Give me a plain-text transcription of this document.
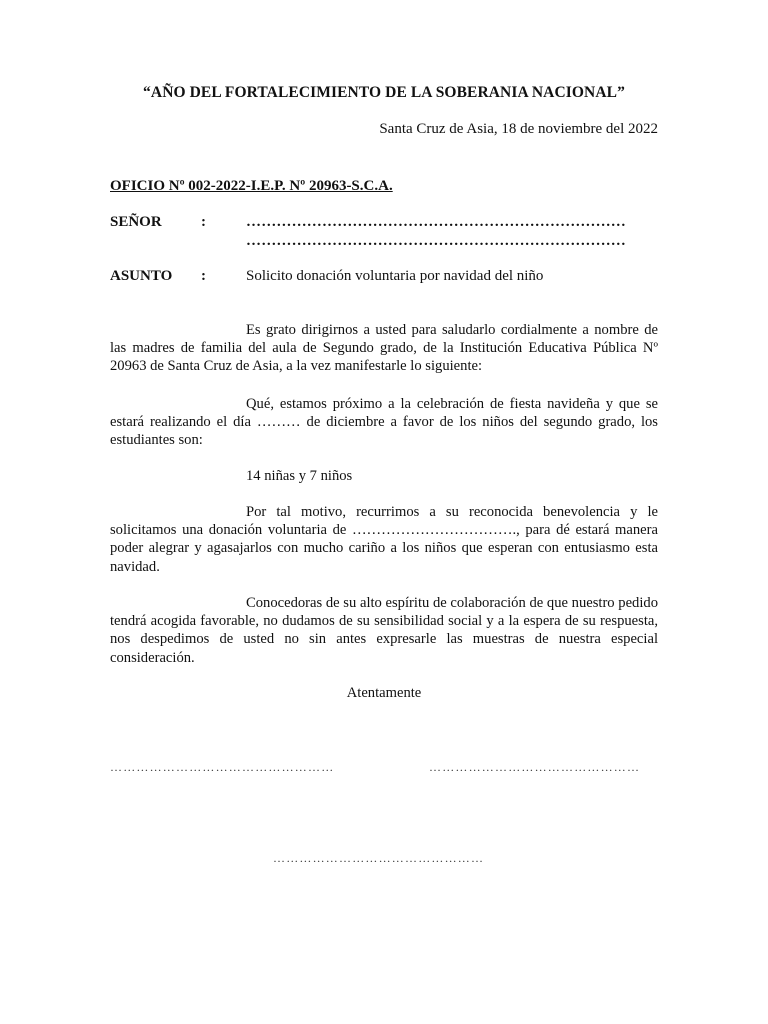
“AÑO DEL FORTALECIMIENTO DE LA SOBERANIA NACIONAL”
Santa Cruz de Asia, 18 de noviembre del 2022
OFICIO Nº 002-2022-I.E.P. Nº 20963-S.C.A.
SEÑOR	:	…………………………………………………………………
…………………………………………………………………
ASUNTO :	Solicito donación voluntaria por navidad del niño

Es grato dirigirnos a usted para saludarlo cordialmente a nombre de las madres de familia del aula de Segundo grado, de la Institución Educativa Pública Nº 20963 de Santa Cruz de Asia, a la vez manifestarle lo siguiente:

Qué, estamos próximo a la celebración de fiesta navideña y que se estará realizando el día ……… de diciembre a favor de los niños del segundo grado, los estudiantes son:

14 niñas y 7 niños

Por tal motivo, recurrimos a su reconocida benevolencia y le solicitamos una donación voluntaria de ……………………………., para dé estará manera poder alegrar y agasajarlos con mucho cariño a los niños que esperan con entusiasmo esta navidad.

Conocedoras de su alto espíritu de colaboración de que nuestro pedido tendrá acogida favorable, no dudamos de su sensibilidad social y a la espera de su respuesta, nos despedimos de usted no sin antes expresarle las muestras de nuestra especial consideración.

Atentamente
……………………………………………	…………………………………………
…………………………………………
